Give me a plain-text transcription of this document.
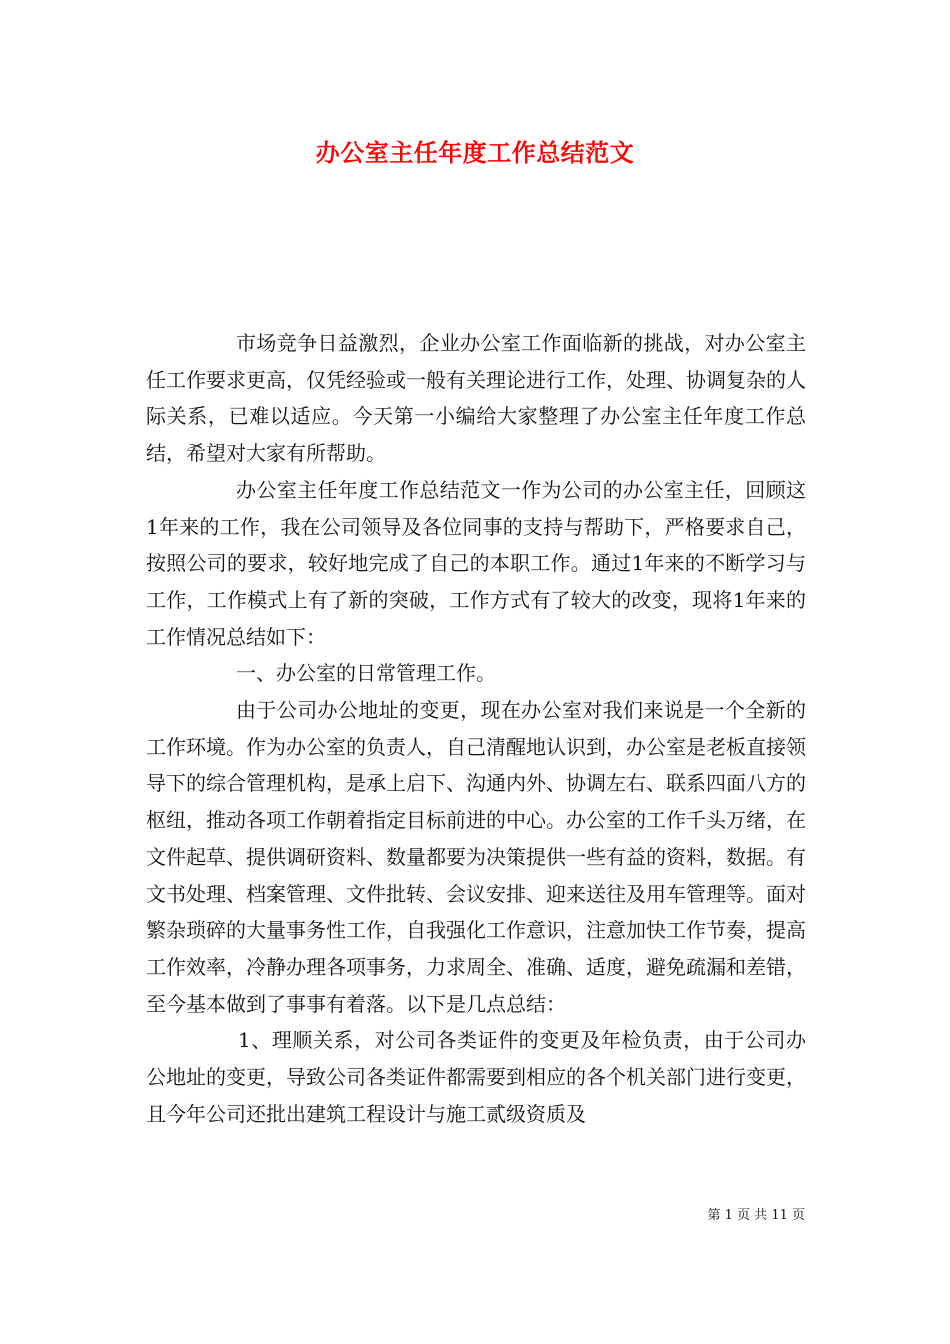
办公室主任年度工作总结范文

市场竞争日益激烈，企业办公室工作面临新的挑战，对办公室主任工作要求更高，仅凭经验或一般有关理论进行工作，处理、协调复杂的人际关系，已难以适应。今天第一小编给大家整理了办公室主任年度工作总结，希望对大家有所帮助。

办公室主任年度工作总结范文一作为公司的办公室主任，回顾这1年来的工作，我在公司领导及各位同事的支持与帮助下，严格要求自己，按照公司的要求，较好地完成了自己的本职工作。通过1年来的不断学习与工作，工作模式上有了新的突破，工作方式有了较大的改变，现将1年来的工作情况总结如下：

一、办公室的日常管理工作。

由于公司办公地址的变更，现在办公室对我们来说是一个全新的工作环境。作为办公室的负责人，自己清醒地认识到，办公室是老板直接领导下的综合管理机构，是承上启下、沟通内外、协调左右、联系四面八方的枢纽，推动各项工作朝着指定目标前进的中心。办公室的工作千头万绪，在文件起草、提供调研资料、数量都要为决策提供一些有益的资料，数据。有文书处理、档案管理、文件批转、会议安排、迎来送往及用车管理等。面对繁杂琐碎的大量事务性工作，自我强化工作意识，注意加快工作节奏，提高工作效率，冷静办理各项事务，力求周全、准确、适度，避免疏漏和差错，至今基本做到了事事有着落。以下是几点总结：

1、理顺关系，对公司各类证件的变更及年检负责，由于公司办公地址的变更，导致公司各类证件都需要到相应的各个机关部门进行变更，且今年公司还批出建筑工程设计与施工贰级资质及

第 1 页 共 11 页
